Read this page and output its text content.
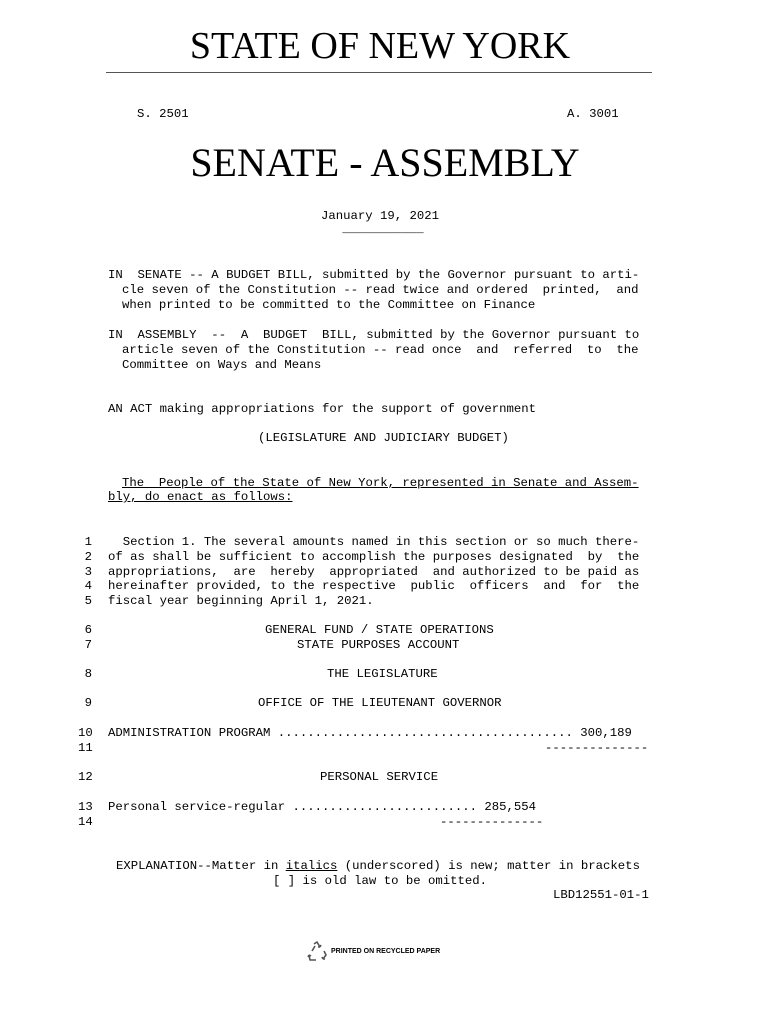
STATE OF NEW YORK
S. 2501	A. 3001
SENATE - ASSEMBLY
January 19, 2021
___________
IN  SENATE -- A BUDGET BILL, submitted by the Governor pursuant to arti-
cle seven of the Constitution -- read twice and ordered  printed,  and
when printed to be committed to the Committee on Finance
IN  ASSEMBLY  --  A  BUDGET  BILL, submitted by the Governor pursuant to
article seven of the Constitution -- read once  and  referred  to  the
Committee on Ways and Means
AN ACT making appropriations for the support of government
(LEGISLATURE AND JUDICIARY BUDGET)
The  People of the State of New York, represented in Senate and Assem-
bly, do enact as follows:
1 Section 1. The several amounts named in this section or so much there-
2 of as shall be sufficient to accomplish the purposes designated  by  the
3 appropriations,  are  hereby  appropriated  and authorized to be paid as
4 hereinafter provided, to the respective  public  officers  and  for  the
5 fiscal year beginning April 1, 2021.
6	GENERAL FUND / STATE OPERATIONS
7	STATE PURPOSES ACCOUNT
8	THE LEGISLATURE
9	OFFICE OF THE LIEUTENANT GOVERNOR
10 ADMINISTRATION PROGRAM ........................................ 300,189
11	--------------
12	PERSONAL SERVICE
13 Personal service-regular ......................... 285,554
14	--------------
EXPLANATION--Matter in italics (underscored) is new; matter in brackets
[ ] is old law to be omitted.
LBD12551-01-1
PRINTED ON RECYCLED PAPER
